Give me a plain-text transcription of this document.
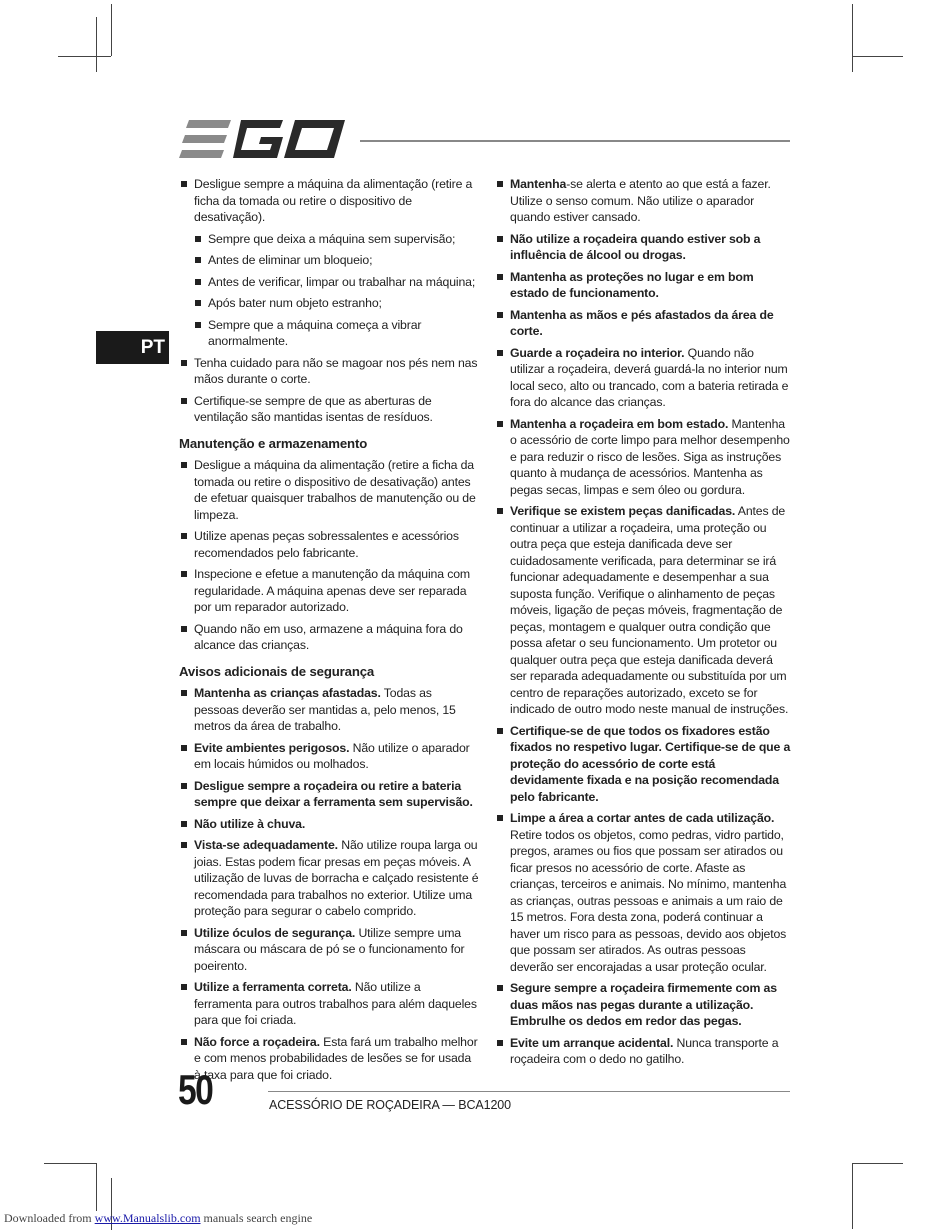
PT
Desligue sempre a máquina da alimentação (retire a ficha da tomada ou retire o dispositivo de desativação).
Sempre que deixa a máquina sem supervisão;
Antes de eliminar um bloqueio;
Antes de verificar, limpar ou trabalhar na máquina;
Após bater num objeto estranho;
Sempre que a máquina começa a vibrar anormalmente.
Tenha cuidado para não se magoar nos pés nem nas mãos durante o corte.
Certifique-se sempre de que as aberturas de ventilação são mantidas isentas de resíduos.
Manutenção e armazenamento
Desligue a máquina da alimentação (retire a ficha da tomada ou retire o dispositivo de desativação) antes de efetuar quaisquer trabalhos de manutenção ou de limpeza.
Utilize apenas peças sobressalentes e acessórios recomendados pelo fabricante.
Inspecione e efetue a manutenção da máquina com regularidade. A máquina apenas deve ser reparada por um reparador autorizado.
Quando não em uso, armazene a máquina fora do alcance das crianças.
Avisos adicionais de segurança
Mantenha as crianças afastadas. Todas as pessoas deverão ser mantidas a, pelo menos, 15 metros da área de trabalho.
Evite ambientes perigosos. Não utilize o aparador em locais húmidos ou molhados.
Desligue sempre a roçadeira ou retire a bateria sempre que deixar a ferramenta sem supervisão.
Não utilize à chuva.
Vista-se adequadamente. Não utilize roupa larga ou joias. Estas podem ficar presas em peças móveis. A utilização de luvas de borracha e calçado resistente é recomendada para trabalhos no exterior. Utilize uma proteção para segurar o cabelo comprido.
Utilize óculos de segurança. Utilize sempre uma máscara ou máscara de pó se o funcionamento for poeirento.
Utilize a ferramenta correta. Não utilize a ferramenta para outros trabalhos para além daqueles para que foi criada.
Não force a roçadeira. Esta fará um trabalho melhor e com menos probabilidades de lesões se for usada à taxa para que foi criado.
Mantenha-se alerta e atento ao que está a fazer. Utilize o senso comum. Não utilize o aparador quando estiver cansado.
Não utilize a roçadeira quando estiver sob a influência de álcool ou drogas.
Mantenha as proteções no lugar e em bom estado de funcionamento.
Mantenha as mãos e pés afastados da área de corte.
Guarde a roçadeira no interior. Quando não utilizar a roçadeira, deverá guardá-la no interior num local seco, alto ou trancado, com a bateria retirada e fora do alcance das crianças.
Mantenha a roçadeira em bom estado. Mantenha o acessório de corte limpo para melhor desempenho e para reduzir o risco de lesões. Siga as instruções quanto à mudança de acessórios. Mantenha as pegas secas, limpas e sem óleo ou gordura.
Verifique se existem peças danificadas. Antes de continuar a utilizar a roçadeira, uma proteção ou outra peça que esteja danificada deve ser cuidadosamente verificada, para determinar se irá funcionar adequadamente e desempenhar a sua suposta função. Verifique o alinhamento de peças móveis, ligação de peças móveis, fragmentação de peças, montagem e qualquer outra condição que possa afetar o seu funcionamento. Um protetor ou qualquer outra peça que esteja danificada deverá ser reparada adequadamente ou substituída por um centro de reparações autorizado, exceto se for indicado de outro modo neste manual de instruções.
Certifique-se de que todos os fixadores estão fixados no respetivo lugar. Certifique-se de que a proteção do acessório de corte está devidamente fixada e na posição recomendada pelo fabricante.
Limpe a área a cortar antes de cada utilização. Retire todos os objetos, como pedras, vidro partido, pregos, arames ou fios que possam ser atirados ou ficar presos no acessório de corte. Afaste as crianças, terceiros e animais. No mínimo, mantenha as crianças, outras pessoas e animais a um raio de 15 metros. Fora desta zona, poderá continuar a haver um risco para as pessoas, devido aos objetos que possam ser atirados. As outras pessoas deverão ser encorajadas a usar proteção ocular.
Segure sempre a roçadeira firmemente com as duas mãos nas pegas durante a utilização. Embrulhe os dedos em redor das pegas.
Evite um arranque acidental. Nunca transporte a roçadeira com o dedo no gatilho.
50	ACESSÓRIO DE ROÇADEIRA — BCA1200
Downloaded from www.Manualslib.com manuals search engine
